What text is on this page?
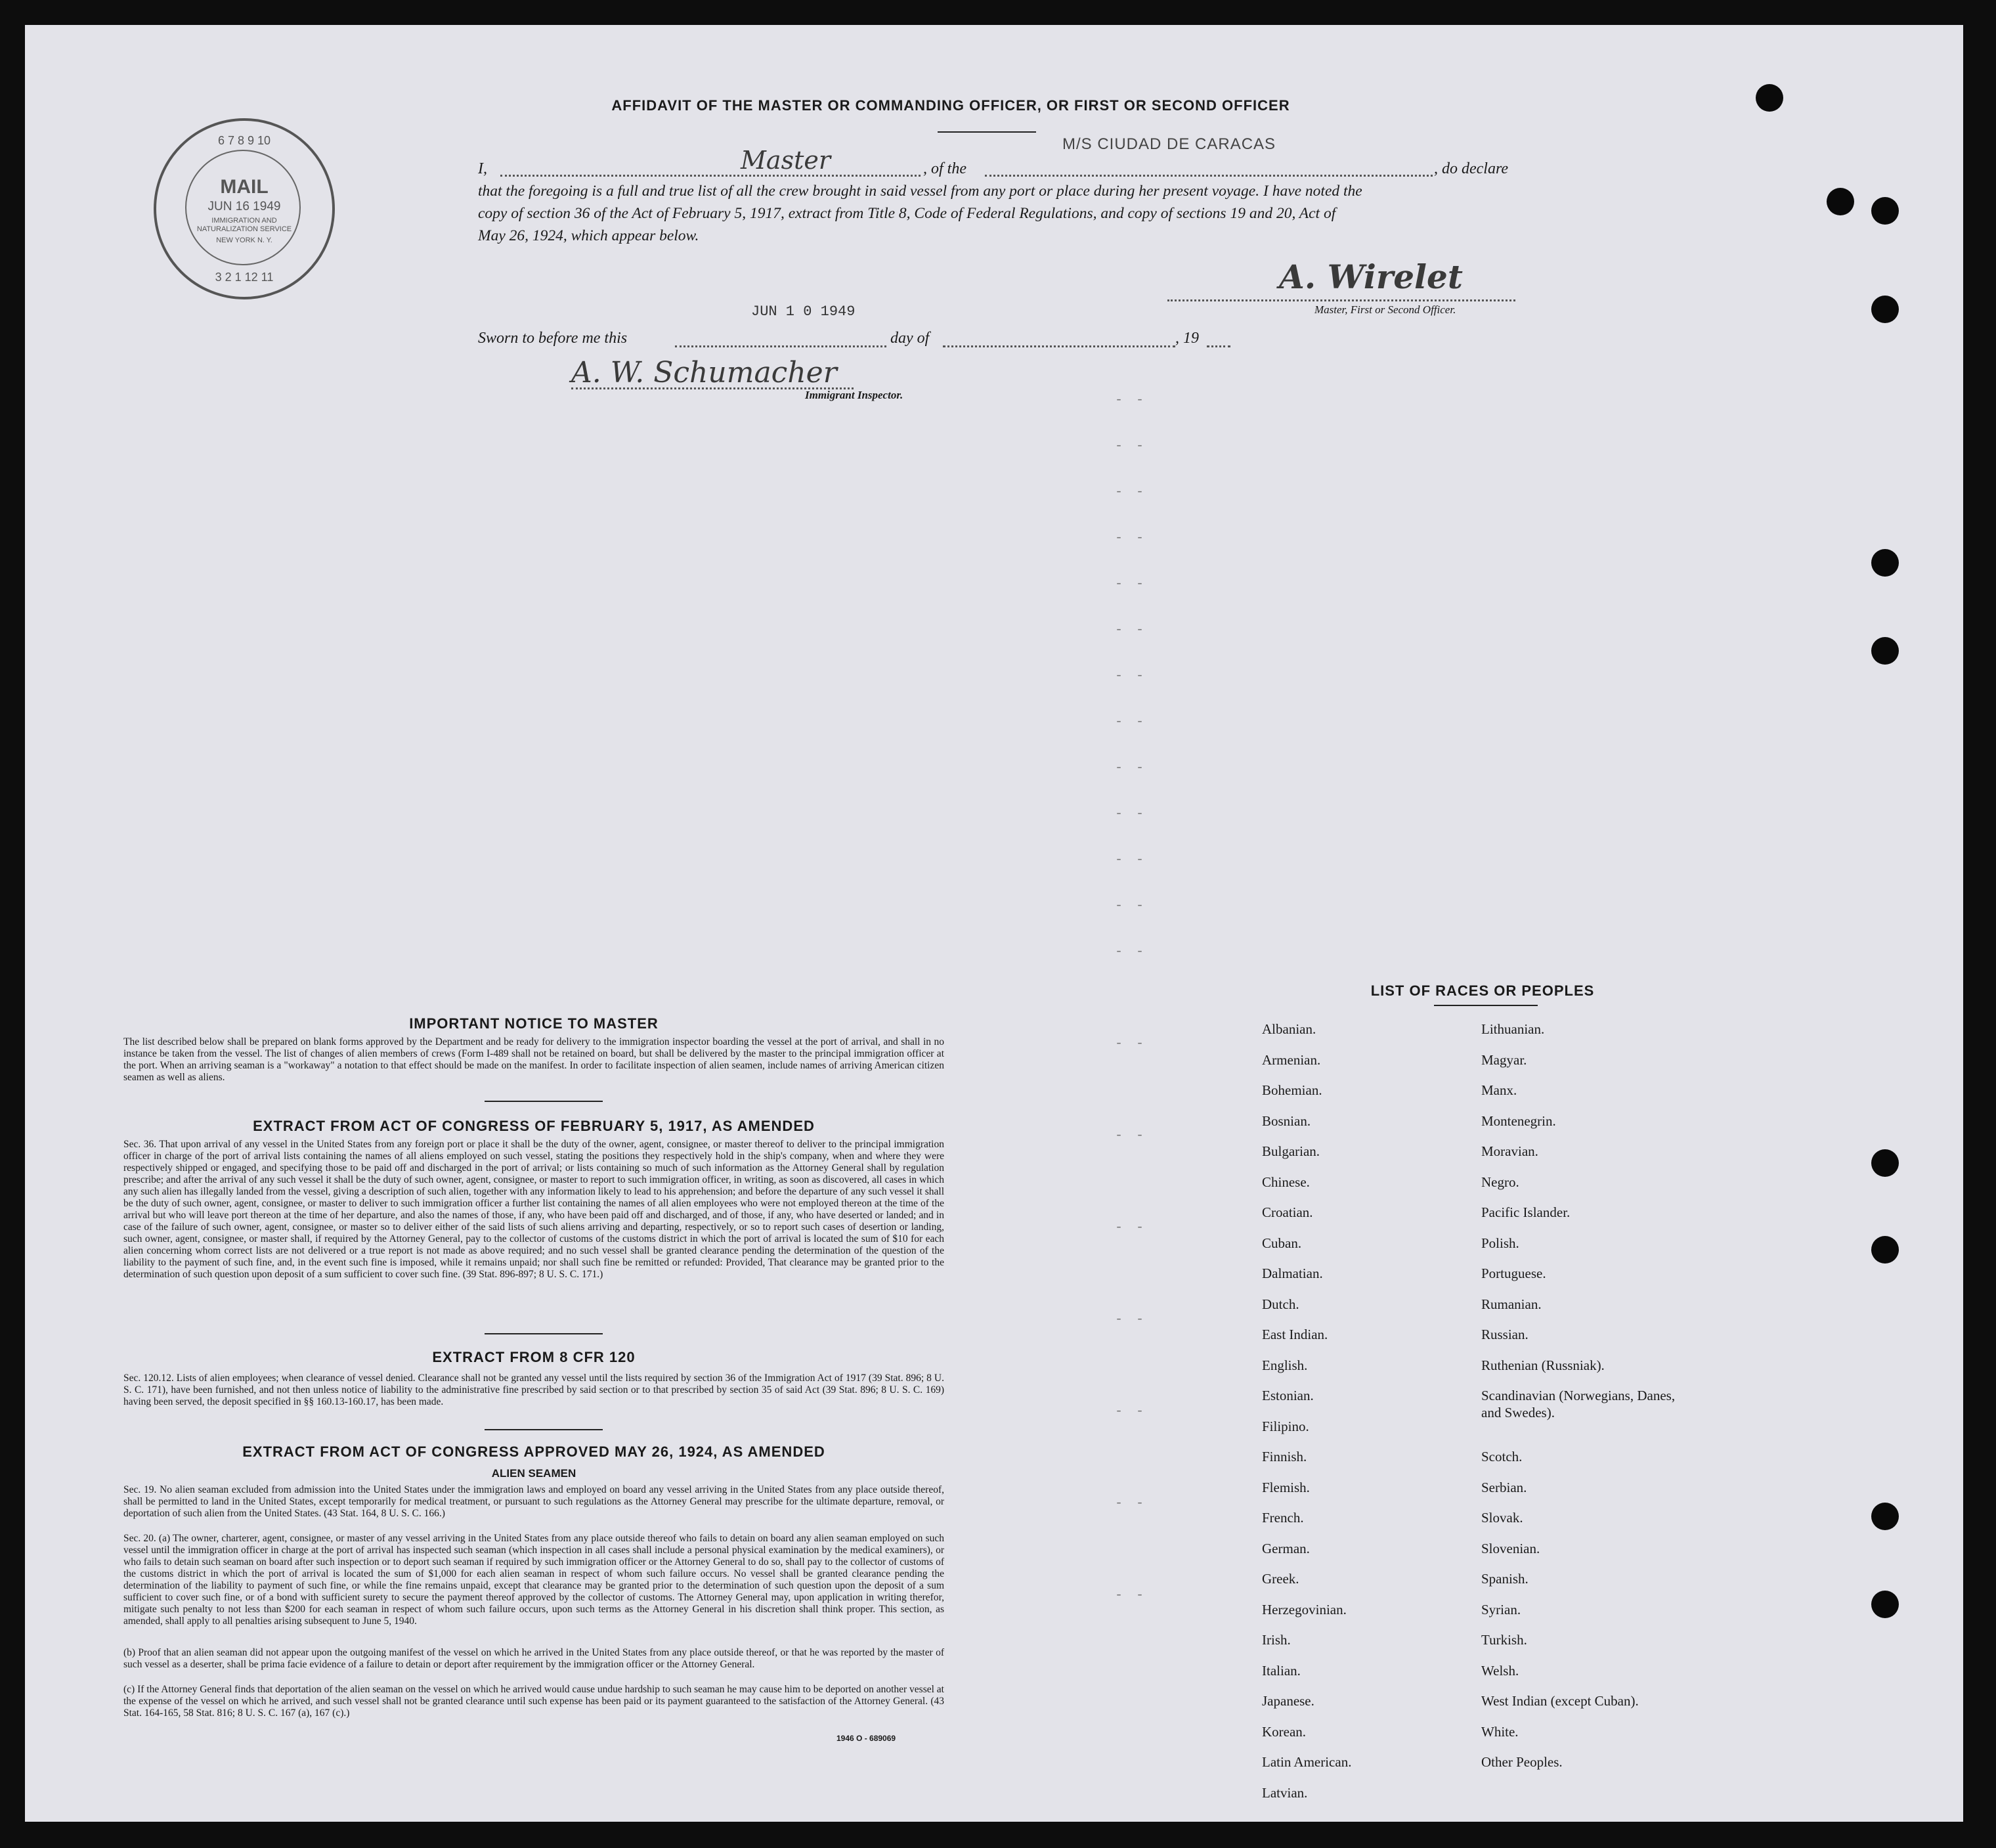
6 7 8 9 10
MAIL
JUN 16 1949
IMMIGRATION AND NATURALIZATION SERVICE
NEW YORK N. Y.
3 2 1 12 11
AFFIDAVIT OF THE MASTER OR COMMANDING OFFICER, OR FIRST OR SECOND OFFICER
M/S CIUDAD DE CARACAS
I,	Master	, of the	, do declare
that the foregoing is a full and true list of all the crew brought in said vessel from any port or place during her present voyage. I have noted the
copy of section 36 of the Act of February 5, 1917, extract from Title 8, Code of Federal Regulations, and copy of sections 19 and 20, Act of
May 26, 1924, which appear below.
A. Wirelet
Master, First or Second Officer.
JUN 1 0 1949
Sworn to before me this	day of	, 19
A. W. Schumacher
Immigrant Inspector.	- -
- -
- -
- -
- -
- -
- -
- -
- -
- -
- -
- -
- -
- -
- -
- -
- -
- -
- -
- -
IMPORTANT NOTICE TO MASTER
The list described below shall be prepared on blank forms approved by the Department and be ready for delivery to the immigration inspector boarding the vessel at the port of arrival, and shall in no instance be taken from the vessel. The list of changes of alien members of crews (Form I-489 shall not be retained on board, but shall be delivered by the master to the principal immigration officer at the port. When an arriving seaman is a "workaway" a notation to that effect should be made on the manifest. In order to facilitate inspection of alien seamen, include names of arriving American citizen seamen as well as aliens.
EXTRACT FROM ACT OF CONGRESS OF FEBRUARY 5, 1917, AS AMENDED
Sec. 36. That upon arrival of any vessel in the United States from any foreign port or place it shall be the duty of the owner, agent, consignee, or master thereof to deliver to the principal immigration officer in charge of the port of arrival lists containing the names of all aliens employed on such vessel, stating the positions they respectively hold in the ship's company, when and where they were respectively shipped or engaged, and specifying those to be paid off and discharged in the port of arrival; or lists containing so much of such information as the Attorney General shall by regulation prescribe; and after the arrival of any such vessel it shall be the duty of such owner, agent, consignee, or master to report to such immigration officer, in writing, as soon as discovered, all cases in which any such alien has illegally landed from the vessel, giving a description of such alien, together with any information likely to lead to his apprehension; and before the departure of any such vessel it shall be the duty of such owner, agent, consignee, or master to deliver to such immigration officer a further list containing the names of all alien employees who were not employed thereon at the time of the arrival but who will leave port thereon at the time of her departure, and also the names of those, if any, who have been paid off and discharged, and of those, if any, who have deserted or landed; and in case of the failure of such owner, agent, consignee, or master so to deliver either of the said lists of such aliens arriving and departing, respectively, or so to report such cases of desertion or landing, such owner, agent, consignee, or master shall, if required by the Attorney General, pay to the collector of customs of the customs district in which the port of arrival is located the sum of $10 for each alien concerning whom correct lists are not delivered or a true report is not made as above required; and no such vessel shall be granted clearance pending the determination of the question of the liability to the payment of such fine, and, in the event such fine is imposed, while it remains unpaid; nor shall such fine be remitted or refunded: Provided, That clearance may be granted prior to the determination of such question upon deposit of a sum sufficient to cover such fine. (39 Stat. 896-897; 8 U. S. C. 171.)
EXTRACT FROM 8 CFR 120
Sec. 120.12. Lists of alien employees; when clearance of vessel denied. Clearance shall not be granted any vessel until the lists required by section 36 of the Immigration Act of 1917 (39 Stat. 896; 8 U. S. C. 171), have been furnished, and not then unless notice of liability to the administrative fine prescribed by said section or to that prescribed by section 35 of said Act (39 Stat. 896; 8 U. S. C. 169) having been served, the deposit specified in §§ 160.13-160.17, has been made.
EXTRACT FROM ACT OF CONGRESS APPROVED MAY 26, 1924, AS AMENDED
ALIEN SEAMEN
Sec. 19. No alien seaman excluded from admission into the United States under the immigration laws and employed on board any vessel arriving in the United States from any place outside thereof, shall be permitted to land in the United States, except temporarily for medical treatment, or pursuant to such regulations as the Attorney General may prescribe for the ultimate departure, removal, or deportation of such alien from the United States. (43 Stat. 164, 8 U. S. C. 166.)
Sec. 20. (a) The owner, charterer, agent, consignee, or master of any vessel arriving in the United States from any place outside thereof who fails to detain on board any alien seaman employed on such vessel until the immigration officer in charge at the port of arrival has inspected such seaman (which inspection in all cases shall include a personal physical examination by the medical examiners), or who fails to detain such seaman on board after such inspection or to deport such seaman if required by such immigration officer or the Attorney General to do so, shall pay to the collector of customs of the customs district in which the port of arrival is located the sum of $1,000 for each alien seaman in respect of whom such failure occurs. No vessel shall be granted clearance pending the determination of the liability to payment of such fine, or while the fine remains unpaid, except that clearance may be granted prior to the determination of such question upon the deposit of a sum sufficient to cover such fine, or of a bond with sufficient surety to secure the payment thereof approved by the collector of customs. The Attorney General may, upon application in writing therefor, mitigate such penalty to not less than $200 for each seaman in respect of whom such failure occurs, upon such terms as the Attorney General in his discretion shall think proper. This section, as amended, shall apply to all penalties arising subsequent to June 5, 1940.
(b) Proof that an alien seaman did not appear upon the outgoing manifest of the vessel on which he arrived in the United States from any place outside thereof, or that he was reported by the master of such vessel as a deserter, shall be prima facie evidence of a failure to detain or deport after requirement by the immigration officer or the Attorney General.
(c) If the Attorney General finds that deportation of the alien seaman on the vessel on which he arrived would cause undue hardship to such seaman he may cause him to be deported on another vessel at the expense of the vessel on which he arrived, and such vessel shall not be granted clearance until such expense has been paid or its payment guaranteed to the satisfaction of the Attorney General. (43 Stat. 164-165, 58 Stat. 816; 8 U. S. C. 167 (a), 167 (c).)
1946 O - 689069
LIST OF RACES OR PEOPLES
Albanian.
Armenian.
Bohemian.
Bosnian.
Bulgarian.
Chinese.
Croatian.
Cuban.
Dalmatian.
Dutch.
East Indian.
English.
Estonian.
Filipino.
Finnish.
Flemish.
French.
German.
Greek.
Herzegovinian.
Irish.
Italian.
Japanese.
Korean.
Latin American.
Latvian.
Lithuanian.
Magyar.
Manx.
Montenegrin.
Moravian.
Negro.
Pacific Islander.
Polish.
Portuguese.
Rumanian.
Russian.
Ruthenian (Russniak).
Scandinavian (Norwegians, Danes, and Swedes).
Scotch.
Serbian.
Slovak.
Slovenian.
Spanish.
Syrian.
Turkish.
Welsh.
West Indian (except Cuban).
White.
Other Peoples.
